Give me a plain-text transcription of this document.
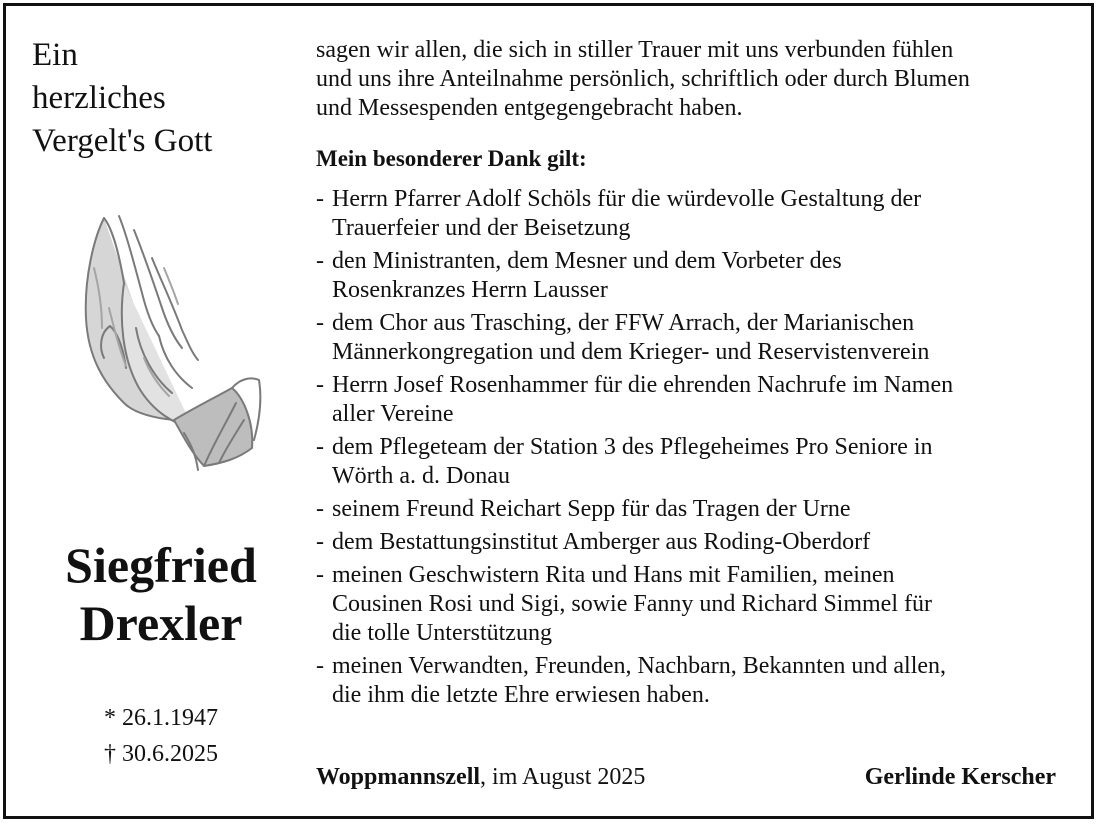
Ein
herzliches
Vergelt's Gott
Siegfried
Drexler
* 26.1.1947
† 30.6.2025

sagen wir allen, die sich in stiller Trauer mit uns verbunden fühlen
und uns ihre Anteilnahme persönlich, schriftlich oder durch Blumen
und Messespenden entgegengebracht haben.

Mein besonderer Dank gilt:
- Herrn Pfarrer Adolf Schöls für die würdevolle Gestaltung der
Trauerfeier und der Beisetzung
- den Ministranten, dem Mesner und dem Vorbeter des
Rosenkranzes Herrn Lausser
- dem Chor aus Trasching, der FFW Arrach, der Marianischen
Männerkongregation und dem Krieger- und Reservistenverein
- Herrn Josef Rosenhammer für die ehrenden Nachrufe im Namen
aller Vereine
- dem Pflegeteam der Station 3 des Pflegeheimes Pro Seniore in
Wörth a. d. Donau
- seinem Freund Reichart Sepp für das Tragen der Urne
- dem Bestattungsinstitut Amberger aus Roding-Oberdorf
- meinen Geschwistern Rita und Hans mit Familien, meinen
Cousinen Rosi und Sigi, sowie Fanny und Richard Simmel für
die tolle Unterstützung
- meinen Verwandten, Freunden, Nachbarn, Bekannten und allen,
die ihm die letzte Ehre erwiesen haben.
Woppmannszell, im August 2025	Gerlinde Kerscher
